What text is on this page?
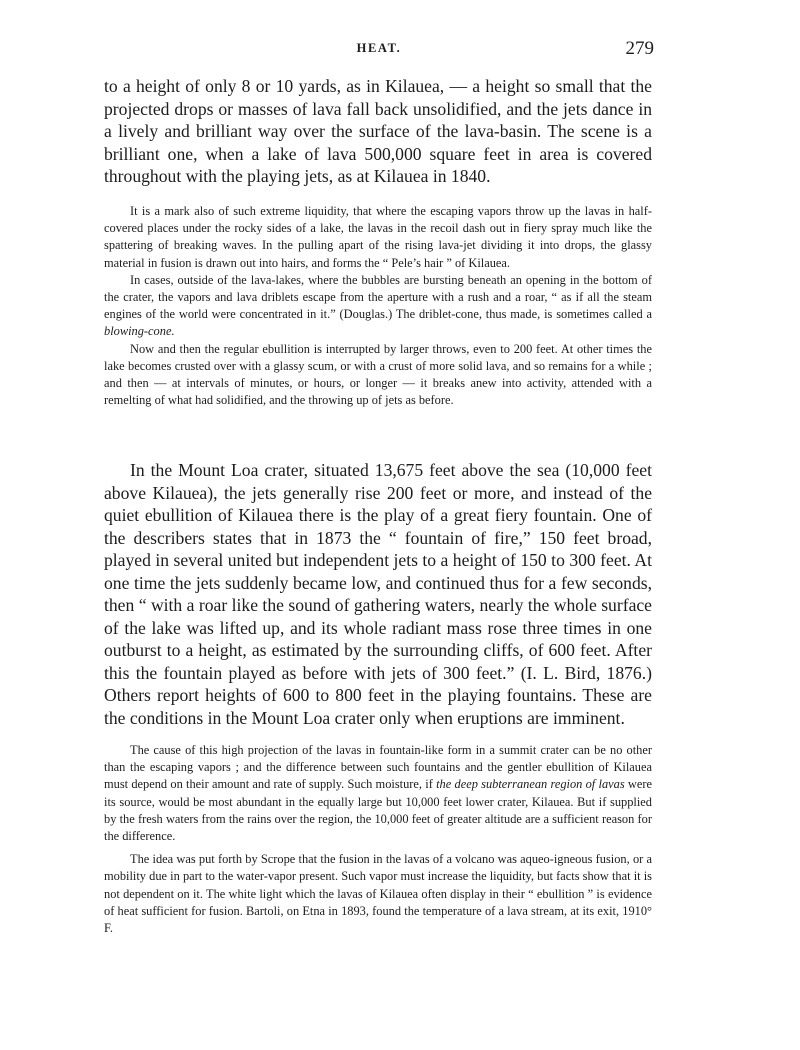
HEAT.	279
to a height of only 8 or 10 yards, as in Kilauea, — a height so small that the projected drops or masses of lava fall back unsolidified, and the jets dance in a lively and brilliant way over the surface of the lava-basin. The scene is a brilliant one, when a lake of lava 500,000 square feet in area is covered throughout with the playing jets, as at Kilauea in 1840.

It is a mark also of such extreme liquidity, that where the escaping vapors throw up the lavas in half-covered places under the rocky sides of a lake, the lavas in the recoil dash out in fiery spray much like the spattering of breaking waves. In the pulling apart of the rising lava-jet dividing it into drops, the glassy material in fusion is drawn out into hairs, and forms the “ Pele’s hair ” of Kilauea.

In cases, outside of the lava-lakes, where the bubbles are bursting beneath an opening in the bottom of the crater, the vapors and lava driblets escape from the aperture with a rush and a roar, “ as if all the steam engines of the world were concentrated in it.” (Douglas.) The driblet-cone, thus made, is sometimes called a blowing-cone.

Now and then the regular ebullition is interrupted by larger throws, even to 200 feet. At other times the lake becomes crusted over with a glassy scum, or with a crust of more solid lava, and so remains for a while ; and then — at intervals of minutes, or hours, or longer — it breaks anew into activity, attended with a remelting of what had solidified, and the throwing up of jets as before.

In the Mount Loa crater, situated 13,675 feet above the sea (10,000 feet above Kilauea), the jets generally rise 200 feet or more, and instead of the quiet ebullition of Kilauea there is the play of a great fiery fountain. One of the describers states that in 1873 the “ fountain of fire,” 150 feet broad, played in several united but independent jets to a height of 150 to 300 feet. At one time the jets suddenly became low, and continued thus for a few seconds, then “ with a roar like the sound of gathering waters, nearly the whole surface of the lake was lifted up, and its whole radiant mass rose three times in one outburst to a height, as estimated by the surrounding cliffs, of 600 feet. After this the fountain played as before with jets of 300 feet.” (I. L. Bird, 1876.) Others report heights of 600 to 800 feet in the playing fountains. These are the conditions in the Mount Loa crater only when eruptions are imminent.

The cause of this high projection of the lavas in fountain-like form in a summit crater can be no other than the escaping vapors ; and the difference between such fountains and the gentler ebullition of Kilauea must depend on their amount and rate of supply. Such moisture, if the deep subterranean region of lavas were its source, would be most abundant in the equally large but 10,000 feet lower crater, Kilauea. But if supplied by the fresh waters from the rains over the region, the 10,000 feet of greater altitude are a sufficient reason for the difference.

The idea was put forth by Scrope that the fusion in the lavas of a volcano was aqueo-igneous fusion, or a mobility due in part to the water-vapor present. Such vapor must increase the liquidity, but facts show that it is not dependent on it. The white light which the lavas of Kilauea often display in their “ ebullition ” is evidence of heat sufficient for fusion. Bartoli, on Etna in 1893, found the temperature of a lava stream, at its exit, 1910° F.
